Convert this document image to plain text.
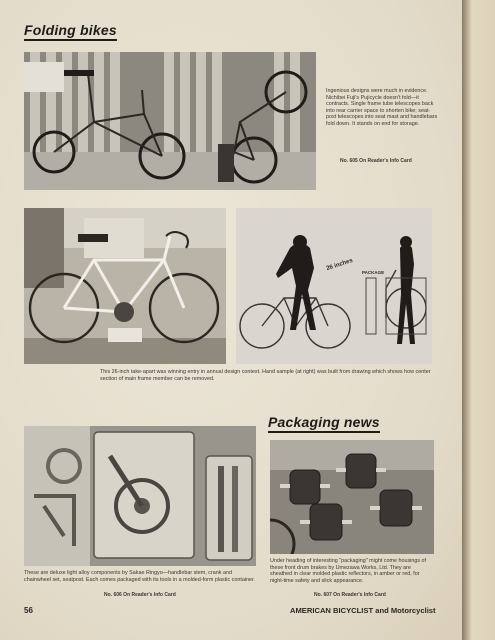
Folding bikes

Ingenious designs were much in evidence. Nichibei Fuji's Pujicycle doesn't fold—it contracts. Single frame tube telescopes back into rear carrier space to shorten bike; seat-post telescopes into seat mast and handlebars fold down. It stands on end for storage.

No. 605 On Reader's Info Card

26 inches
PACKAGE

This 26-inch take-apart was winning entry in annual design contest. Hand sample (at right) was built from drawing which shows how center section of main frame member can be removed.

Packaging news

These are deluxe light alloy components by Sakae Ringyo—handlebar stem, crank and chainwheel set, seatpost. Each comes packaged with its tools in a molded-form plastic container.

No. 606 On Reader's Info Card

Under heading of interesting "packaging" might come housings of these front drum brakes by Umezawa Works, Ltd. They are sheathed in clear molded plastic reflectors, in amber or red, for night-time safety and slick appearance.

No. 607 On Reader's Info Card

56	AMERICAN BICYCLIST and Motorcyclist
